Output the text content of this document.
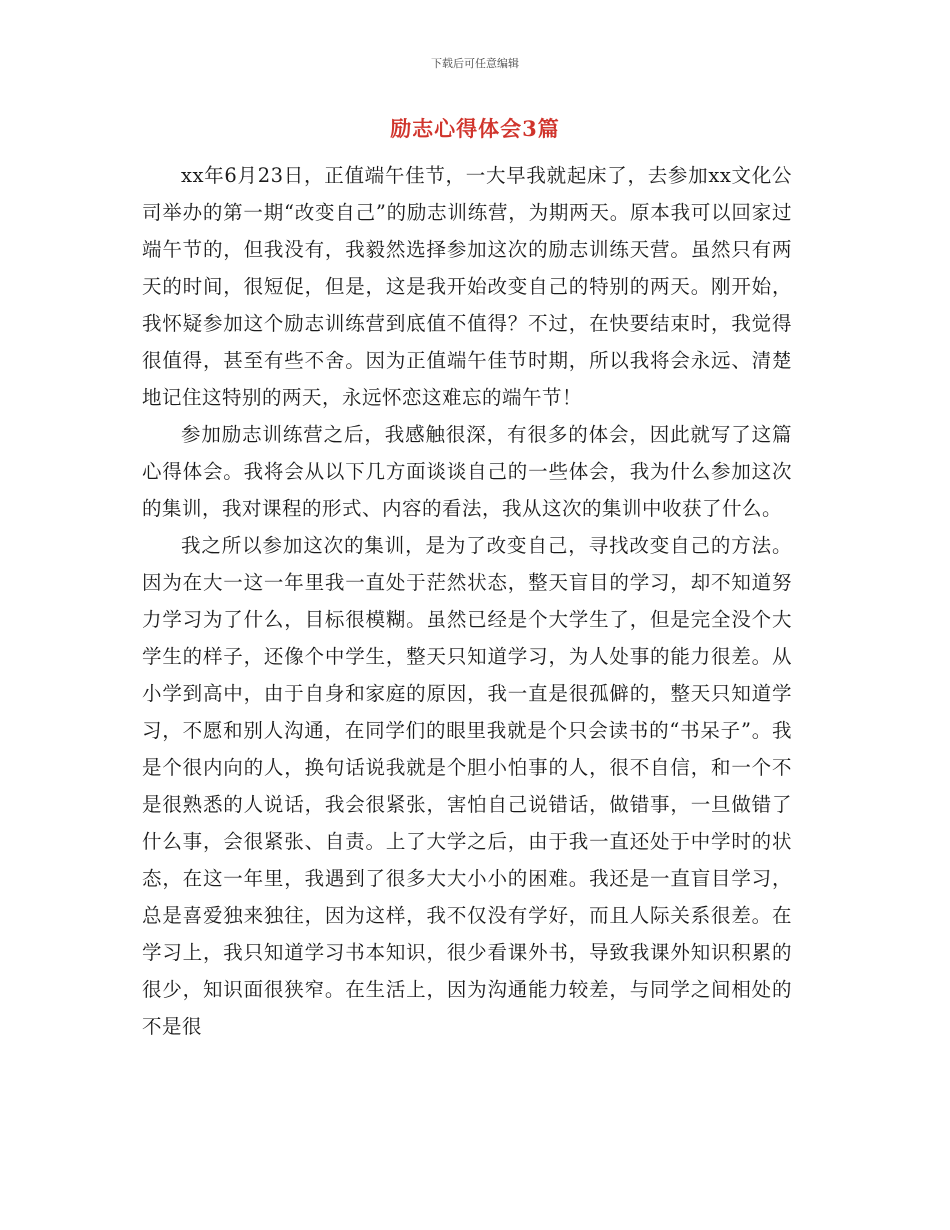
下载后可任意编辑
励志心得体会3篇

xx年6月23日，正值端午佳节，一大早我就起床了，去参加xx文化公司举办的第一期“改变自己”的励志训练营，为期两天。原本我可以回家过端午节的，但我没有，我毅然选择参加这次的励志训练天营。虽然只有两天的时间，很短促，但是，这是我开始改变自己的特别的两天。刚开始，我怀疑参加这个励志训练营到底值不值得？不过，在快要结束时，我觉得很值得，甚至有些不舍。因为正值端午佳节时期，所以我将会永远、清楚地记住这特别的两天，永远怀恋这难忘的端午节！

参加励志训练营之后，我感触很深，有很多的体会，因此就写了这篇心得体会。我将会从以下几方面谈谈自己的一些体会，我为什么参加这次的集训，我对课程的形式、内容的看法，我从这次的集训中收获了什么。

我之所以参加这次的集训，是为了改变自己，寻找改变自己的方法。因为在大一这一年里我一直处于茫然状态，整天盲目的学习，却不知道努力学习为了什么，目标很模糊。虽然已经是个大学生了，但是完全没个大学生的样子，还像个中学生，整天只知道学习，为人处事的能力很差。从小学到高中，由于自身和家庭的原因，我一直是很孤僻的，整天只知道学习，不愿和别人沟通，在同学们的眼里我就是个只会读书的“书呆子”。我是个很内向的人，换句话说我就是个胆小怕事的人，很不自信，和一个不是很熟悉的人说话，我会很紧张，害怕自己说错话，做错事，一旦做错了什么事，会很紧张、自责。上了大学之后，由于我一直还处于中学时的状态，在这一年里，我遇到了很多大大小小的困难。我还是一直盲目学习，总是喜爱独来独往，因为这样，我不仅没有学好，而且人际关系很差。在学习上，我只知道学习书本知识，很少看课外书，导致我课外知识积累的很少，知识面很狭窄。在生活上，因为沟通能力较差，与同学之间相处的不是很
